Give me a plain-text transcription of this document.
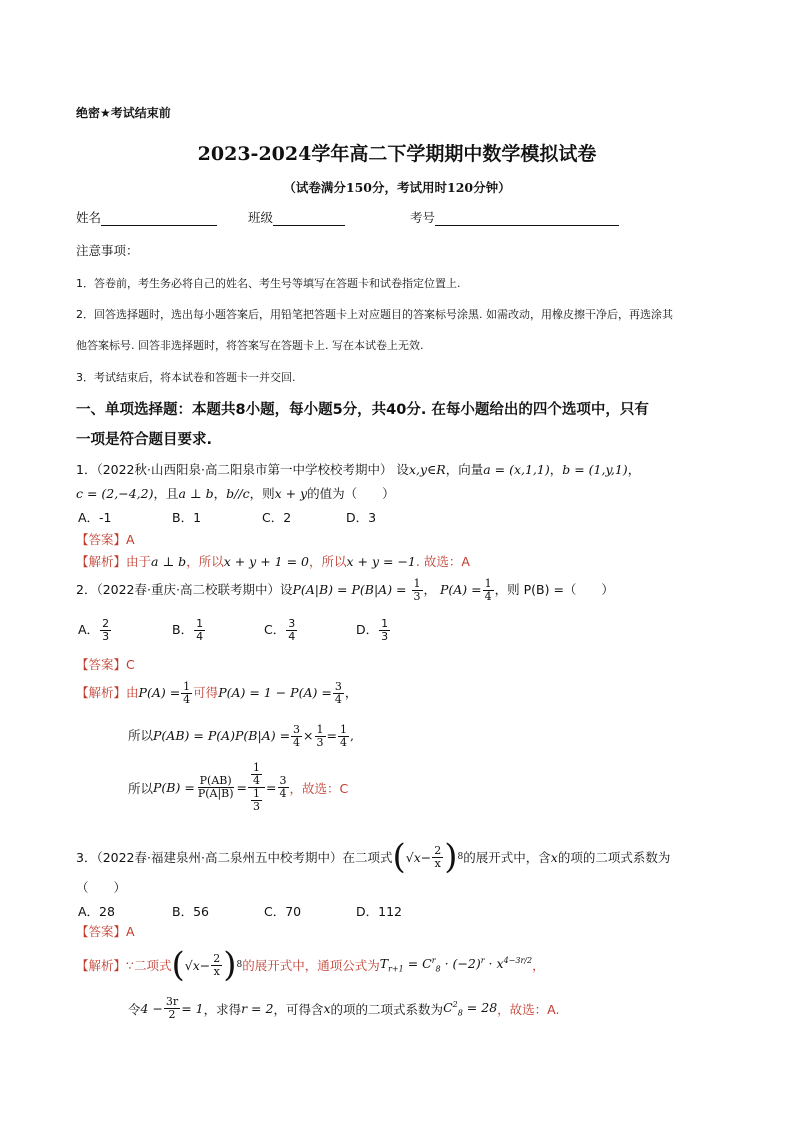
绝密★考试结束前
2023-2024学年高二下学期期中数学模拟试卷
（试卷满分150分，考试用时120分钟）
姓名	班级	考号
注意事项：
1．答卷前，考生务必将自己的姓名、考生号等填写在答题卡和试卷指定位置上.
2．回答选择题时，选出每小题答案后，用铅笔把答题卡上对应题目的答案标号涂黑. 如需改动，用橡皮擦干净后，再选涂其
他答案标号. 回答非选择题时，将答案写在答题卡上. 写在本试卷上无效.
3．考试结束后，将本试卷和答题卡一并交回.
一、单项选择题：本题共8小题，每小题5分，共40分. 在每小题给出的四个选项中，只有
一项是符合题目要求.
1．（2022秋·山西阳泉·高二阳泉市第一中学校校考期中） 设x,y∈R，向量a = (x,1,1)，b = (1,y,1)，
c = (2,−4,2)，且a ⊥ b，b//c，则x + y的值为（　　）
A．-1	B．1	C．2	D．3
【答案】A
【解析】由于a ⊥ b，所以x + y + 1 = 0，所以x + y = −1. 故选：A
2．（2022春·重庆·高二校联考期中）设$P(A|B) = P(B|A) = \frac{1}{3}$ ， $P(A) = \frac{1}{4}$ ，则 P(B) =（　　）
A． $\frac{2}{3}$	B． $\frac{1}{4}$	C． $\frac{3}{4}$	D． $\frac{1}{3}$
【答案】C
【解析】由$P(A) = \frac{1}{4}$ 可得$P(A) = 1 - P(A) = \frac{3}{4}$ ，
所以$P(AB) = P(A)P(B|A) = \frac{3}{4} \times \frac{1}{3} = \frac{1}{4}$ ,
所以 $P(B) = \frac{P(AB)}{P(A|B)} = \frac{\frac{1}{4}}{\frac{1}{3}} = \frac{3}{4}$ ，故选：C
3．（2022春·福建泉州·高二泉州五中校考期中）在二项式 ( $√x - \frac{2}{x}$ ) 8 的展开式中，含 x 的项的二项式系数为
（　　）
A．28	B．56	C．70	D．112
【答案】A
【解析】 ∵二项式 ( $√x - \frac{2}{x}$ ) 8 的展开式中，通项公式为 $T_{r+1} = C^r_8 \cdot (-2)^r \cdot x^{4-3r/2}$ ，
令 $4 - \frac{3r}{2} = 1$ ，求得 r = 2 ，可得含 x 的项的二项式系数为 $C^2_8 = 28$ ，故选：A.
